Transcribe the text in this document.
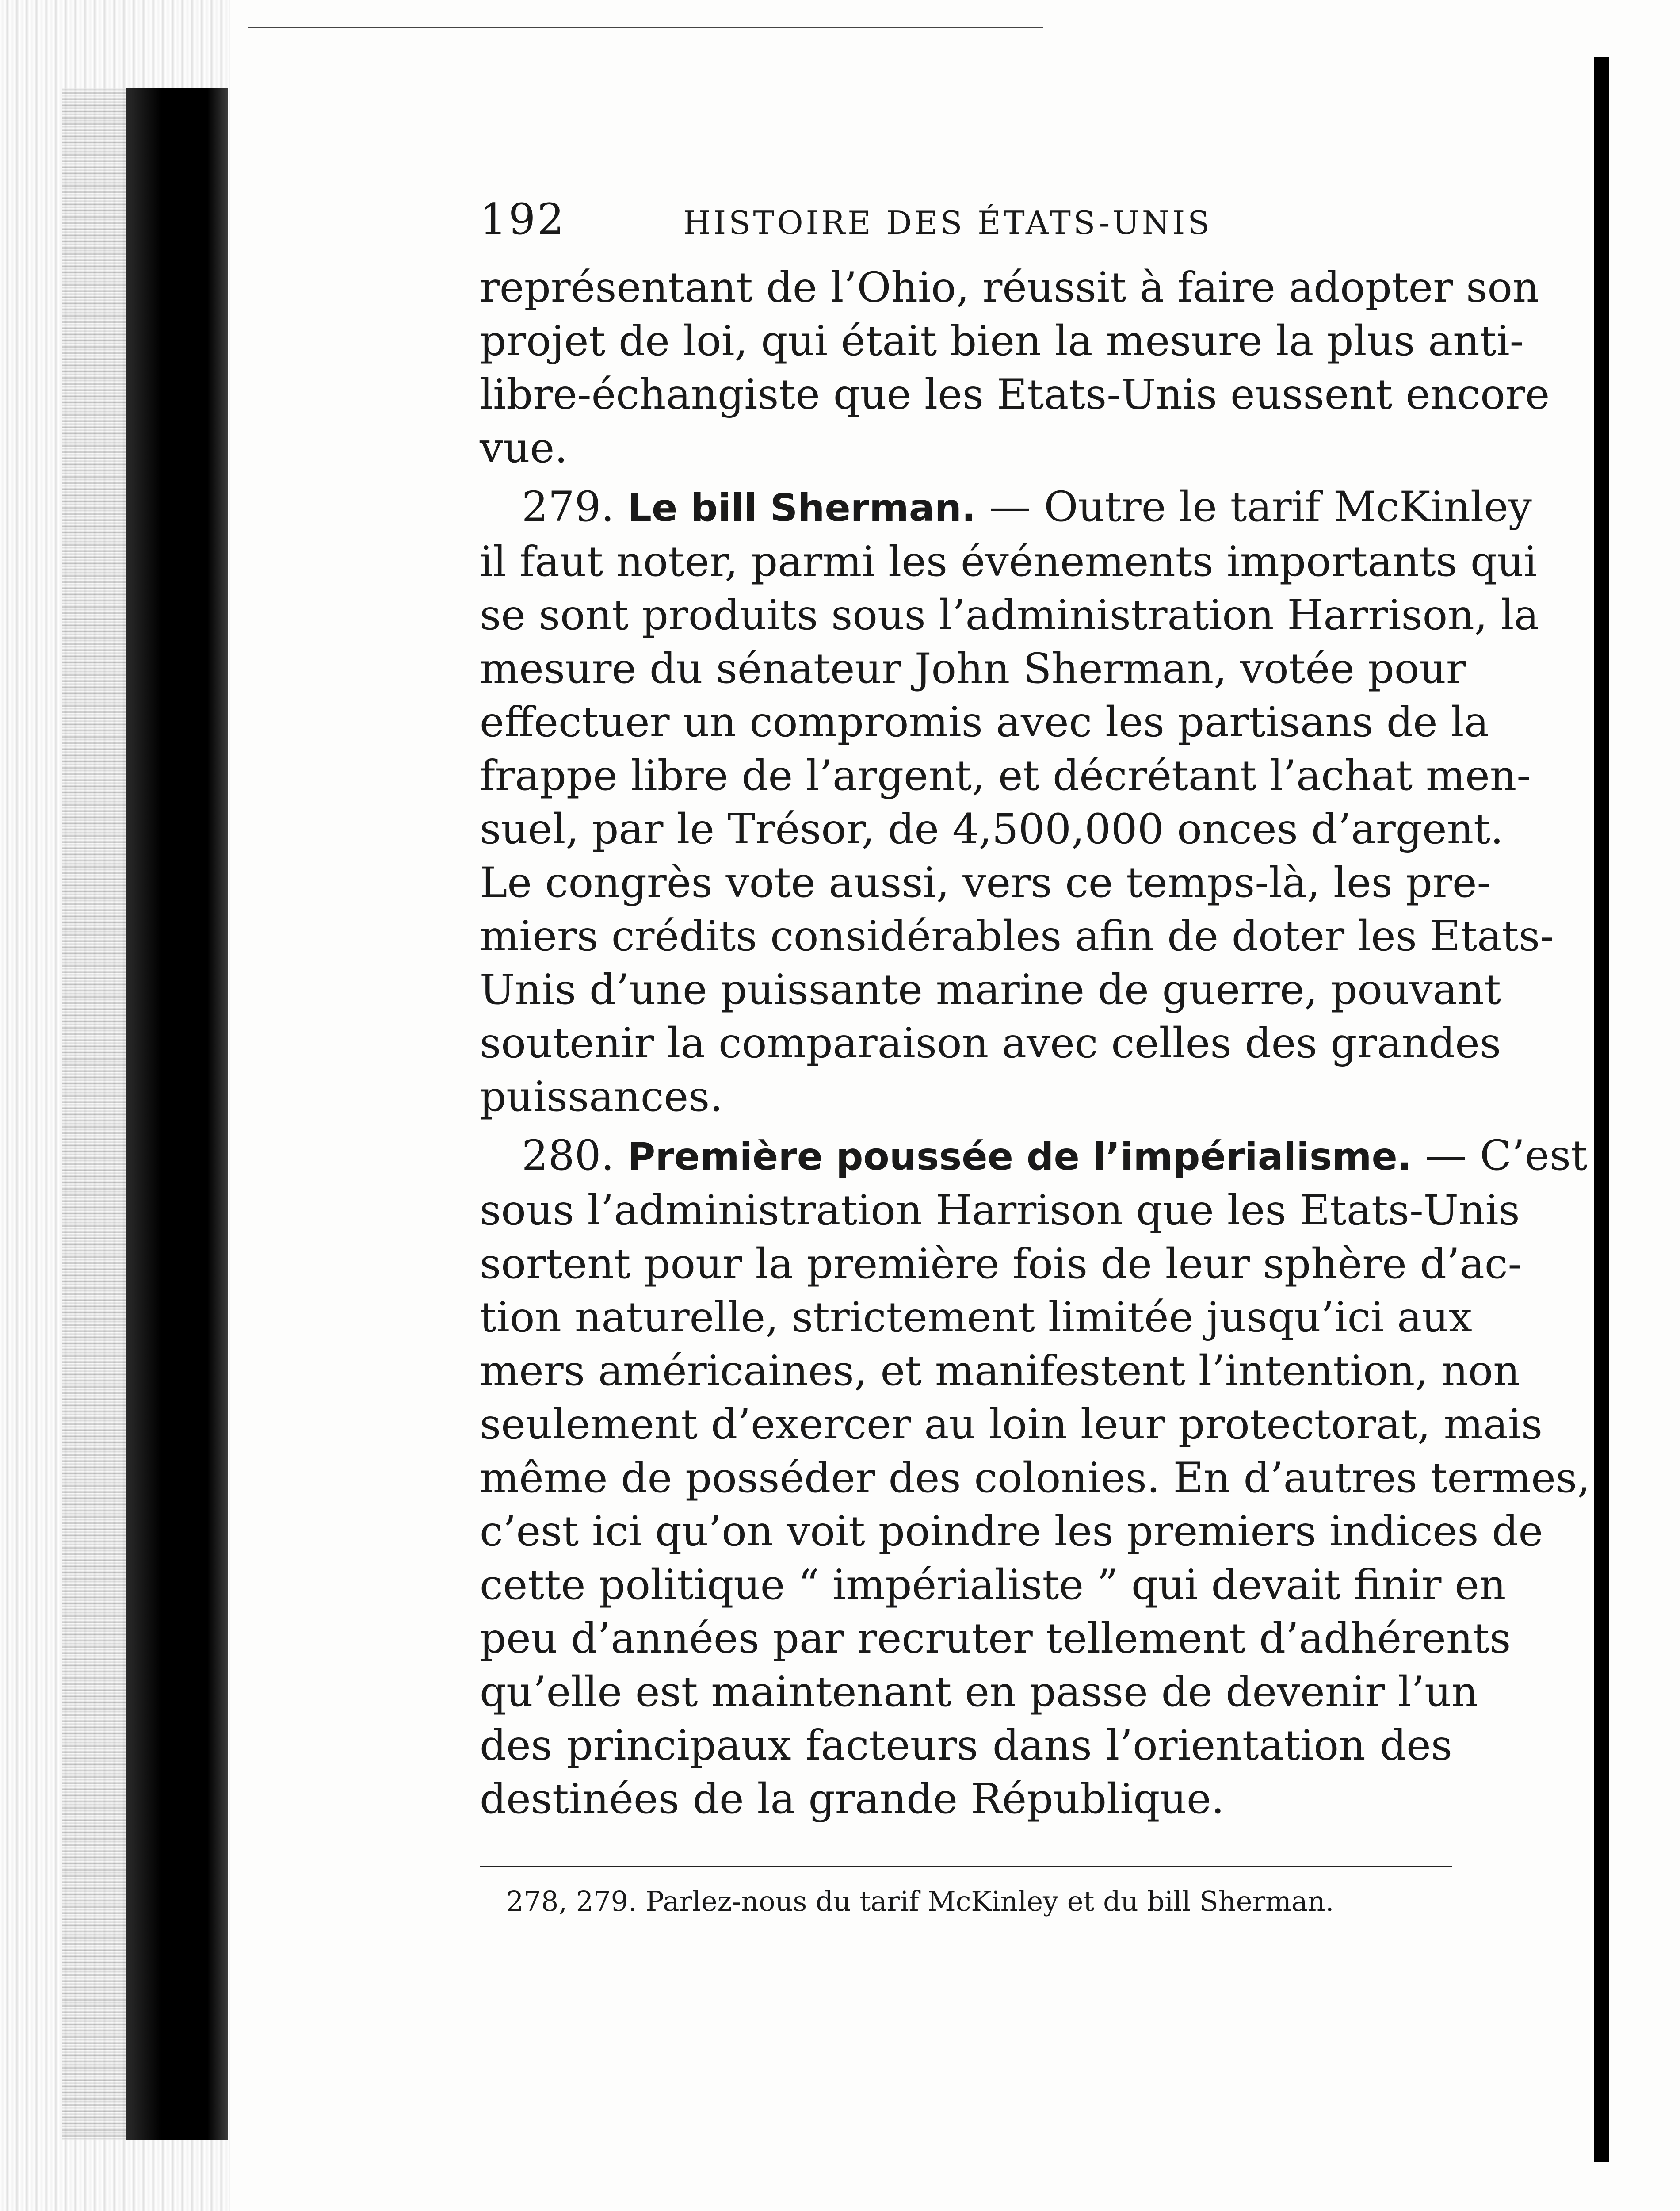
192	HISTOIRE DES ÉTATS-UNIS
représentant de l’Ohio, réussit à faire adopter son
projet de loi, qui était bien la mesure la plus anti-
libre-échangiste que les Etats-Unis eussent encore
vue.
279. Le bill Sherman. — Outre le tarif McKinley
il faut noter, parmi les événements importants qui
se sont produits sous l’administration Harrison, la
mesure du sénateur John Sherman, votée pour
effectuer un compromis avec les partisans de la
frappe libre de l’argent, et décrétant l’achat men-
suel, par le Trésor, de 4,500,000 onces d’argent.
Le congrès vote aussi, vers ce temps-là, les pre-
miers crédits considérables afin de doter les Etats-
Unis d’une puissante marine de guerre, pouvant
soutenir la comparaison avec celles des grandes
puissances.
280. Première poussée de l’impérialisme. — C’est
sous l’administration Harrison que les Etats-Unis
sortent pour la première fois de leur sphère d’ac-
tion naturelle, strictement limitée jusqu’ici aux
mers américaines, et manifestent l’intention, non
seulement d’exercer au loin leur protectorat, mais
même de posséder des colonies. En d’autres termes,
c’est ici qu’on voit poindre les premiers indices de
cette politique “ impérialiste ” qui devait finir en
peu d’années par recruter tellement d’adhérents
qu’elle est maintenant en passe de devenir l’un
des principaux facteurs dans l’orientation des
destinées de la grande République.
278, 279. Parlez-nous du tarif McKinley et du bill Sherman.
